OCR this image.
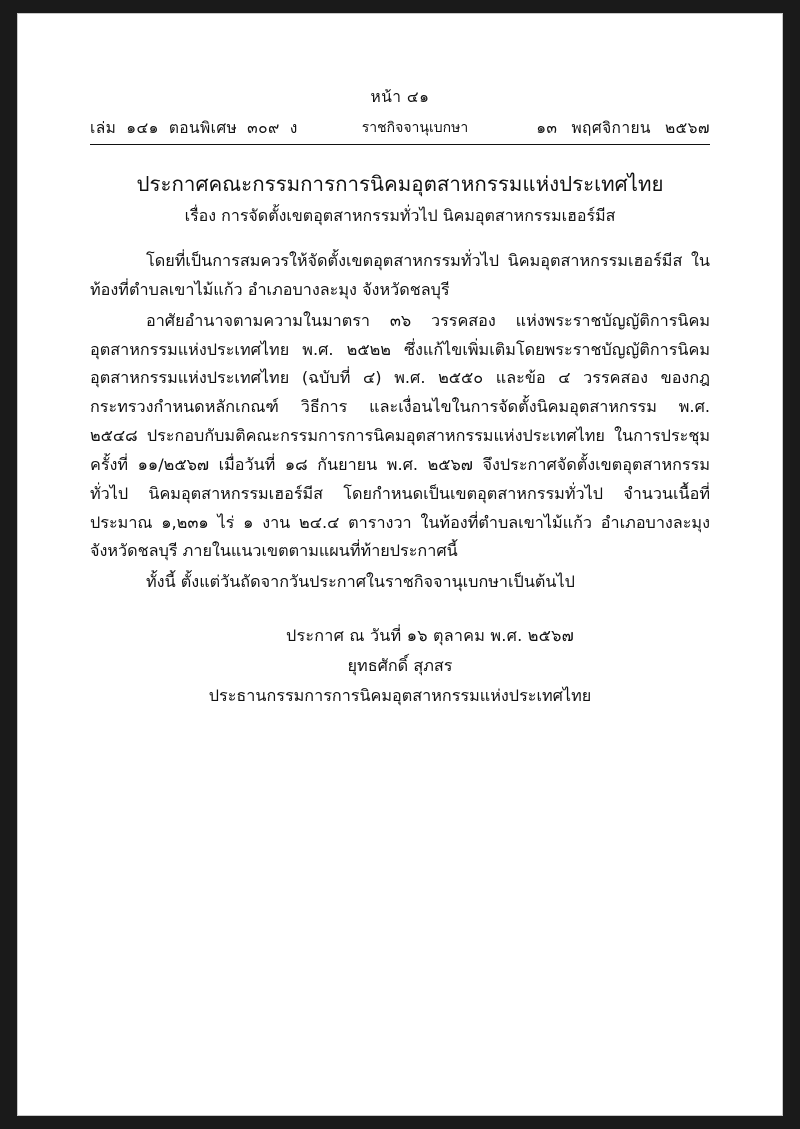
หน้า ๔๑
เล่ม ๑๔๑ ตอนพิเศษ ๓๐๙ ง	ราชกิจจานุเบกษา	๑๓ พฤศจิกายน ๒๕๖๗
ประกาศคณะกรรมการการนิคมอุตสาหกรรมแห่งประเทศไทย
เรื่อง การจัดตั้งเขตอุตสาหกรรมทั่วไป นิคมอุตสาหกรรมเฮอร์มีส

โดยที่เป็นการสมควรให้จัดตั้งเขตอุตสาหกรรมทั่วไป นิคมอุตสาหกรรมเฮอร์มีส ในท้องที่ตำบลเขาไม้แก้ว อำเภอบางละมุง จังหวัดชลบุรี

อาศัยอำนาจตามความในมาตรา ๓๖ วรรคสอง แห่งพระราชบัญญัติการนิคมอุตสาหกรรมแห่งประเทศไทย พ.ศ. ๒๕๒๒ ซึ่งแก้ไขเพิ่มเติมโดยพระราชบัญญัติการนิคมอุตสาหกรรมแห่งประเทศไทย (ฉบับที่ ๔) พ.ศ. ๒๕๕๐ และข้อ ๔ วรรคสอง ของกฎกระทรวงกำหนดหลักเกณฑ์ วิธีการ และเงื่อนไขในการจัดตั้งนิคมอุตสาหกรรม พ.ศ. ๒๕๔๘ ประกอบกับมติคณะกรรมการการนิคมอุตสาหกรรมแห่งประเทศไทย ในการประชุมครั้งที่ ๑๑/๒๕๖๗ เมื่อวันที่ ๑๘ กันยายน พ.ศ. ๒๕๖๗ จึงประกาศจัดตั้งเขตอุตสาหกรรมทั่วไป นิคมอุตสาหกรรมเฮอร์มีส โดยกำหนดเป็นเขตอุตสาหกรรมทั่วไป จำนวนเนื้อที่ประมาณ ๑,๒๓๑ ไร่ ๑ งาน ๒๔.๔ ตารางวา ในท้องที่ตำบลเขาไม้แก้ว อำเภอบางละมุง จังหวัดชลบุรี ภายในแนวเขตตามแผนที่ท้ายประกาศนี้

ทั้งนี้ ตั้งแต่วันถัดจากวันประกาศในราชกิจจานุเบกษาเป็นต้นไป

ประกาศ ณ วันที่ ๑๖ ตุลาคม พ.ศ. ๒๕๖๗
ยุทธศักดิ์ สุภสร
ประธานกรรมการการนิคมอุตสาหกรรมแห่งประเทศไทย
